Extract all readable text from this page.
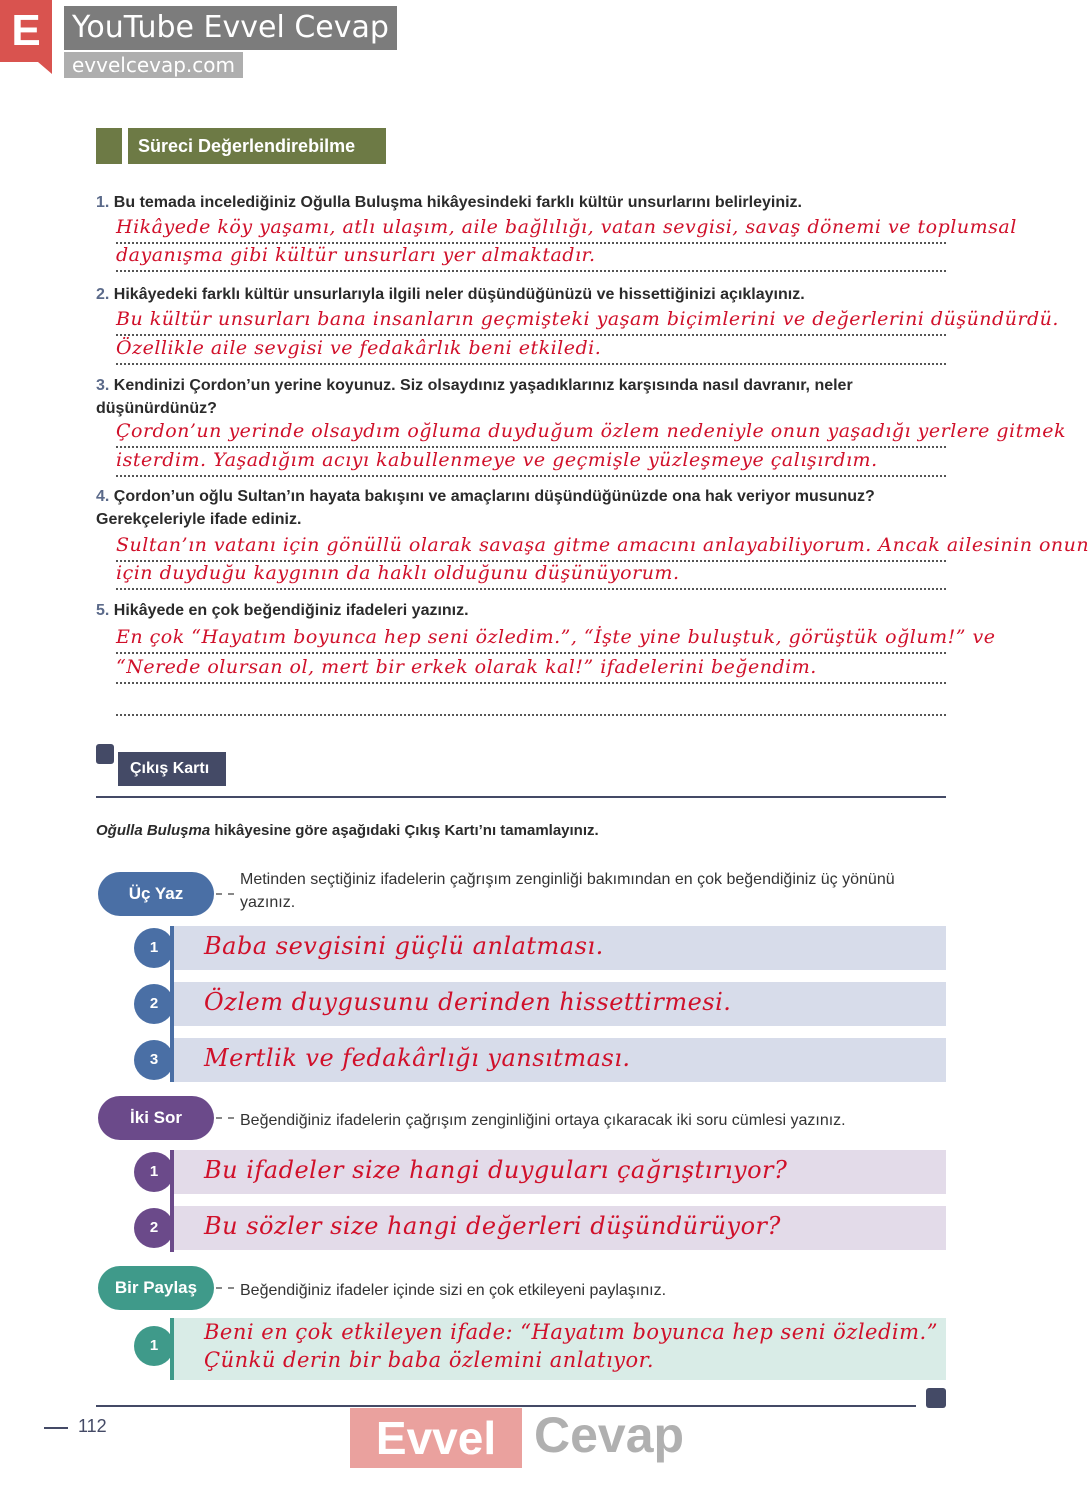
E	YouTube Evvel Cevap
evvelcevap.com
Süreci Değerlendirebilme
1. Bu temada incelediğiniz Oğulla Buluşma hikâyesindeki farklı kültür unsurlarını belirleyiniz.
Hikâyede köy yaşamı, atlı ulaşım, aile bağlılığı, vatan sevgisi, savaş dönemi ve toplumsal
dayanışma gibi kültür unsurları yer almaktadır.
2. Hikâyedeki farklı kültür unsurlarıyla ilgili neler düşündüğünüzü ve hissettiğinizi açıklayınız.
Bu kültür unsurları bana insanların geçmişteki yaşam biçimlerini ve değerlerini düşündürdü.
Özellikle aile sevgisi ve fedakârlık beni etkiledi.
3. Kendinizi Çordon’un yerine koyunuz. Siz olsaydınız yaşadıklarınız karşısında nasıl davranır, neler düşünürdünüz?
Çordon’un yerinde olsaydım oğluma duyduğum özlem nedeniyle onun yaşadığı yerlere gitmek
isterdim. Yaşadığım acıyı kabullenmeye ve geçmişle yüzleşmeye çalışırdım.
4. Çordon’un oğlu Sultan’ın hayata bakışını ve amaçlarını düşündüğünüzde ona hak veriyor musunuz? Gerekçeleriyle ifade ediniz.
Sultan’ın vatanı için gönüllü olarak savaşa gitme amacını anlayabiliyorum. Ancak ailesinin onun
için duyduğu kaygının da haklı olduğunu düşünüyorum.
5. Hikâyede en çok beğendiğiniz ifadeleri yazınız.
En çok “Hayatım boyunca hep seni özledim.”, “İşte yine buluştuk, görüştük oğlum!” ve
“Nerede olursan ol, mert bir erkek olarak kal!” ifadelerini beğendim.
Çıkış Kartı
Oğulla Buluşma hikâyesine göre aşağıdaki Çıkış Kartı’nı tamamlayınız.
Üç Yaz
Metinden seçtiğiniz ifadelerin çağrışım zenginliği bakımından en çok beğendiğiniz üç yönünü yazınız.
1	Baba sevgisini güçlü anlatması.
2	Özlem duygusunu derinden hissettirmesi.
3	Mertlik ve fedakârlığı yansıtması.
İki Sor	Beğendiğiniz ifadelerin çağrışım zenginliğini ortaya çıkaracak iki soru cümlesi yazınız.
1	Bu ifadeler size hangi duyguları çağrıştırıyor?
2	Bu sözler size hangi değerleri düşündürüyor?
Bir Paylaş	Beğendiğiniz ifadeler içinde sizi en çok etkileyeni paylaşınız.
1
Beni en çok etkileyen ifade: “Hayatım boyunca hep seni özledim.”
Çünkü derin bir baba özlemini anlatıyor.
112	Evvel Cevap
